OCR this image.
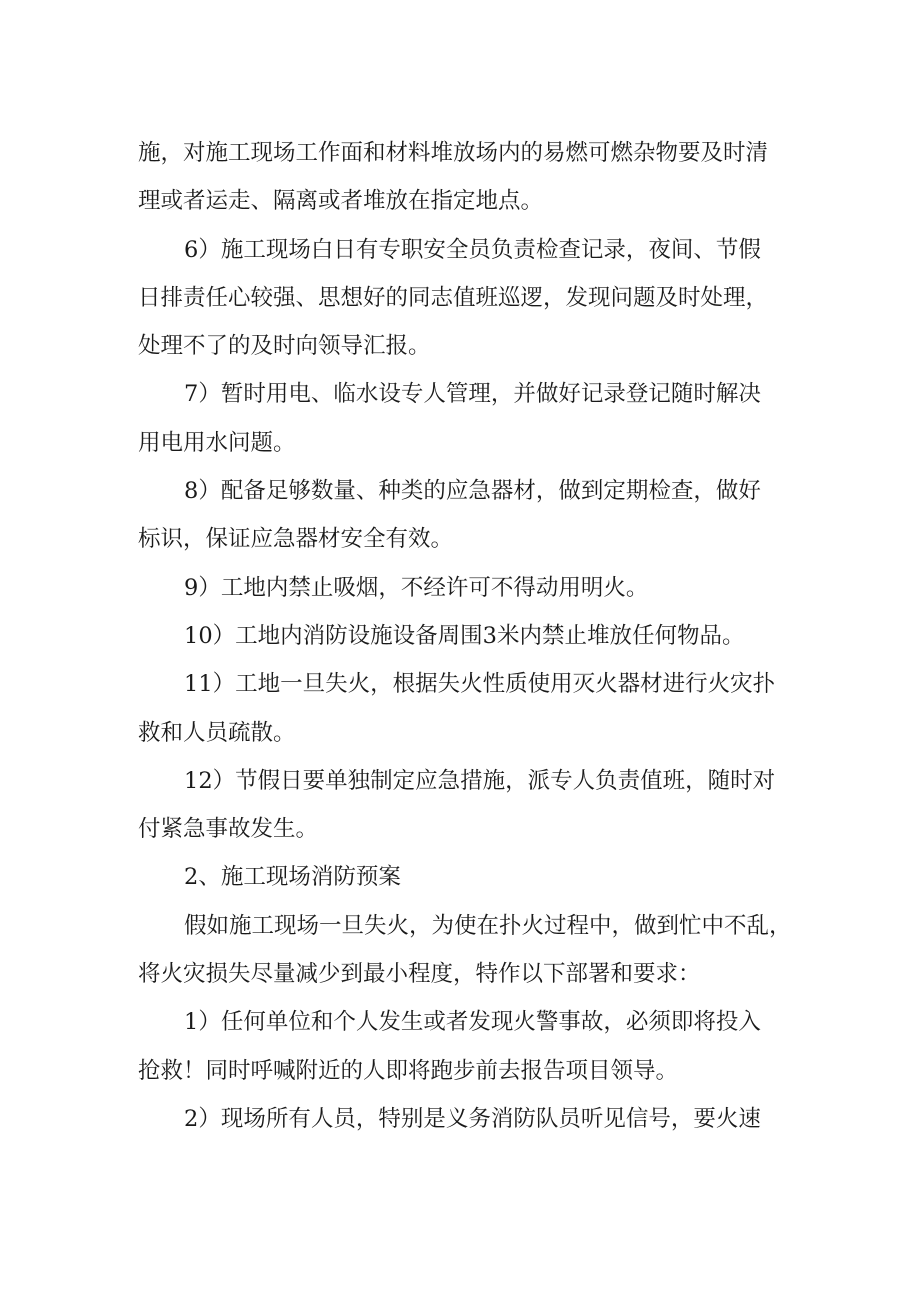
施，对施工现场工作面和材料堆放场内的易燃可燃杂物要及时清
理或者运走、隔离或者堆放在指定地点。
6）施工现场白日有专职安全员负责检查记录，夜间、节假
日排责任心较强、思想好的同志值班巡逻，发现问题及时处理，
处理不了的及时向领导汇报。
7）暂时用电、临水设专人管理，并做好记录登记随时解决
用电用水问题。
8）配备足够数量、种类的应急器材，做到定期检查，做好
标识，保证应急器材安全有效。
9）工地内禁止吸烟，不经许可不得动用明火。
10）工地内消防设施设备周围3米内禁止堆放任何物品。
11）工地一旦失火，根据失火性质使用灭火器材进行火灾扑
救和人员疏散。
12）节假日要单独制定应急措施，派专人负责值班，随时对
付紧急事故发生。
2、施工现场消防预案
假如施工现场一旦失火，为使在扑火过程中，做到忙中不乱，
将火灾损失尽量减少到最小程度，特作以下部署和要求：
1）任何单位和个人发生或者发现火警事故，必须即将投入
抢救！同时呼喊附近的人即将跑步前去报告项目领导。
2）现场所有人员，特别是义务消防队员听见信号，要火速
